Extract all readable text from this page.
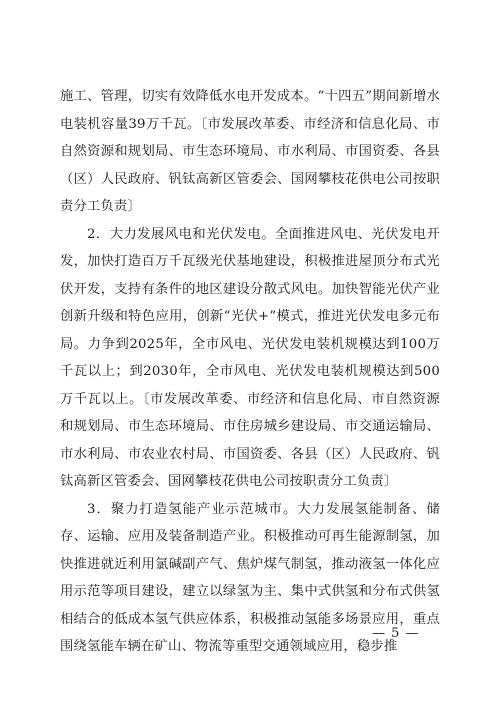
施工、管理，切实有效降低水电开发成本。“十四五”期间新增水电装机容量39万千瓦。〔市发展改革委、市经济和信息化局、市自然资源和规划局、市生态环境局、市水利局、市国资委、各县（区）人民政府、钒钛高新区管委会、国网攀枝花供电公司按职责分工负责〕

2．大力发展风电和光伏发电。全面推进风电、光伏发电开发，加快打造百万千瓦级光伏基地建设，积极推进屋顶分布式光伏开发，支持有条件的地区建设分散式风电。加快智能光伏产业创新升级和特色应用，创新“光伏+”模式，推进光伏发电多元布局。力争到2025年，全市风电、光伏发电装机规模达到100万千瓦以上；到2030年，全市风电、光伏发电装机规模达到500万千瓦以上。〔市发展改革委、市经济和信息化局、市自然资源和规划局、市生态环境局、市住房城乡建设局、市交通运输局、市水利局、市农业农村局、市国资委、各县（区）人民政府、钒钛高新区管委会、国网攀枝花供电公司按职责分工负责〕

3．聚力打造氢能产业示范城市。大力发展氢能制备、储存、运输、应用及装备制造产业。积极推动可再生能源制氢，加快推进就近利用氯碱副产气、焦炉煤气制氢，推动液氢一体化应用示范等项目建设，建立以绿氢为主、集中式供氢和分布式供氢相结合的低成本氢气供应体系，积极推动氢能多场景应用，重点围绕氢能车辆在矿山、物流等重型交通领域应用，稳步推

— 5 —
